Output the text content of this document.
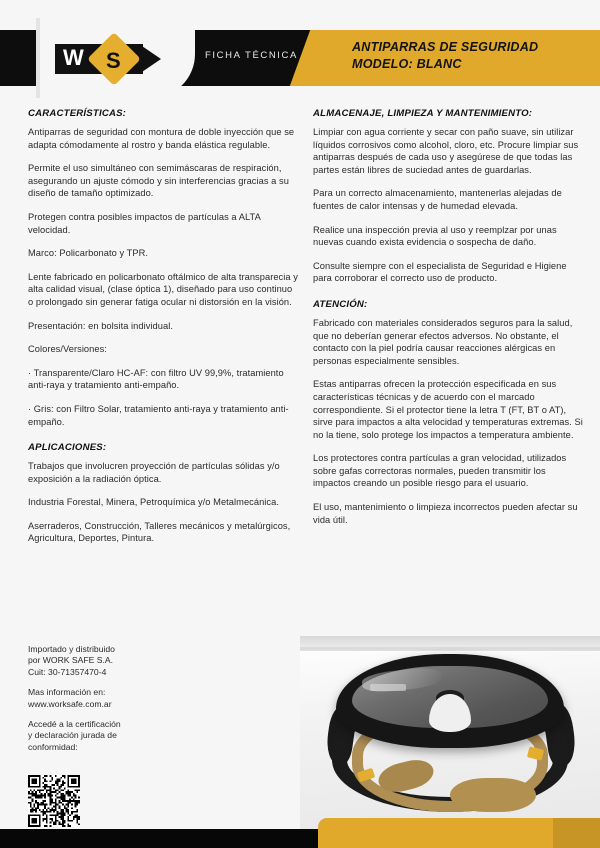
W S	FICHA TÉCNICA
ANTIPARRAS DE SEGURIDAD
MODELO: BLANC
CARACTERÍSTICAS:

Antiparras de seguridad con montura de doble inyección que se adapta cómodamente al rostro y banda elástica regulable.

Permite el uso simultáneo con semimáscaras de respiración, asegurando un ajuste cómodo y sin interferencias gracias a su diseño de tamaño optimizado.

Protegen contra posibles impactos de partículas a ALTA velocidad.

Marco: Policarbonato y TPR.

Lente fabricado en policarbonato oftálmico de alta transparecia y alta calidad visual, (clase óptica 1), diseñado para uso continuo o prolongado sin generar fatiga ocular ni distorsión en la visión.

Presentación: en bolsita individual.

Colores/Versiones:

· Transparente/Claro HC-AF: con filtro UV 99,9%, tratamiento anti-raya y tratamiento anti-empaño.

· Gris: con Filtro Solar, tratamiento anti-raya y tratamiento anti-empaño.

APLICACIONES:

Trabajos que involucren proyección de partículas sólidas y/o exposición a la radiación óptica.

Industria Forestal, Minera, Petroquímica y/o Metalmecánica.

Aserraderos, Construcción, Talleres mecánicos y metalúrgicos, Agricultura, Deportes, Pintura.

ALMACENAJE, LIMPIEZA Y MANTENIMIENTO:

Limpiar con agua corriente y secar con paño suave, sin utilizar líquidos corrosivos como alcohol, cloro, etc. Procure limpiar sus antiparras después de cada uso y asegúrese de que todas las partes están libres de suciedad antes de guardarlas.

Para un correcto almacenamiento, mantenerlas alejadas de fuentes de calor intensas y de humedad elevada.

Realice una inspección previa al uso y reemplzar por unas nuevas cuando exista evidencia o sospecha de daño.

Consulte siempre con el especialista de Seguridad e Higiene para corroborar el correcto uso de producto.

ATENCIÓN:

Fabricado con materiales considerados seguros para la salud, que no deberían generar efectos adversos. No obstante, el contacto con la piel podría causar reacciones alérgicas en personas especialmente sensibles.

Estas antiparras ofrecen la protección especificada en sus características técnicas y de acuerdo con el marcado correspondiente. Si el protector tiene la letra T (FT, BT o AT), sirve para impactos a alta velocidad y temperaturas extremas. Si no la tiene, solo protege los impactos a temperatura ambiente.

Los protectores contra partículas a gran velocidad, utilizados sobre gafas correctoras normales, pueden transmitir los impactos creando un posible riesgo para el usuario.

El uso, mantenimiento o limpieza incorrectos pueden afectar su vida útil.

Importado y distribuido
por WORK SAFE S.A.
Cuit: 30-71357470-4
Mas información en:
www.worksafe.com.ar
Accedé a la certificación
y declaración jurada de
conformidad:
